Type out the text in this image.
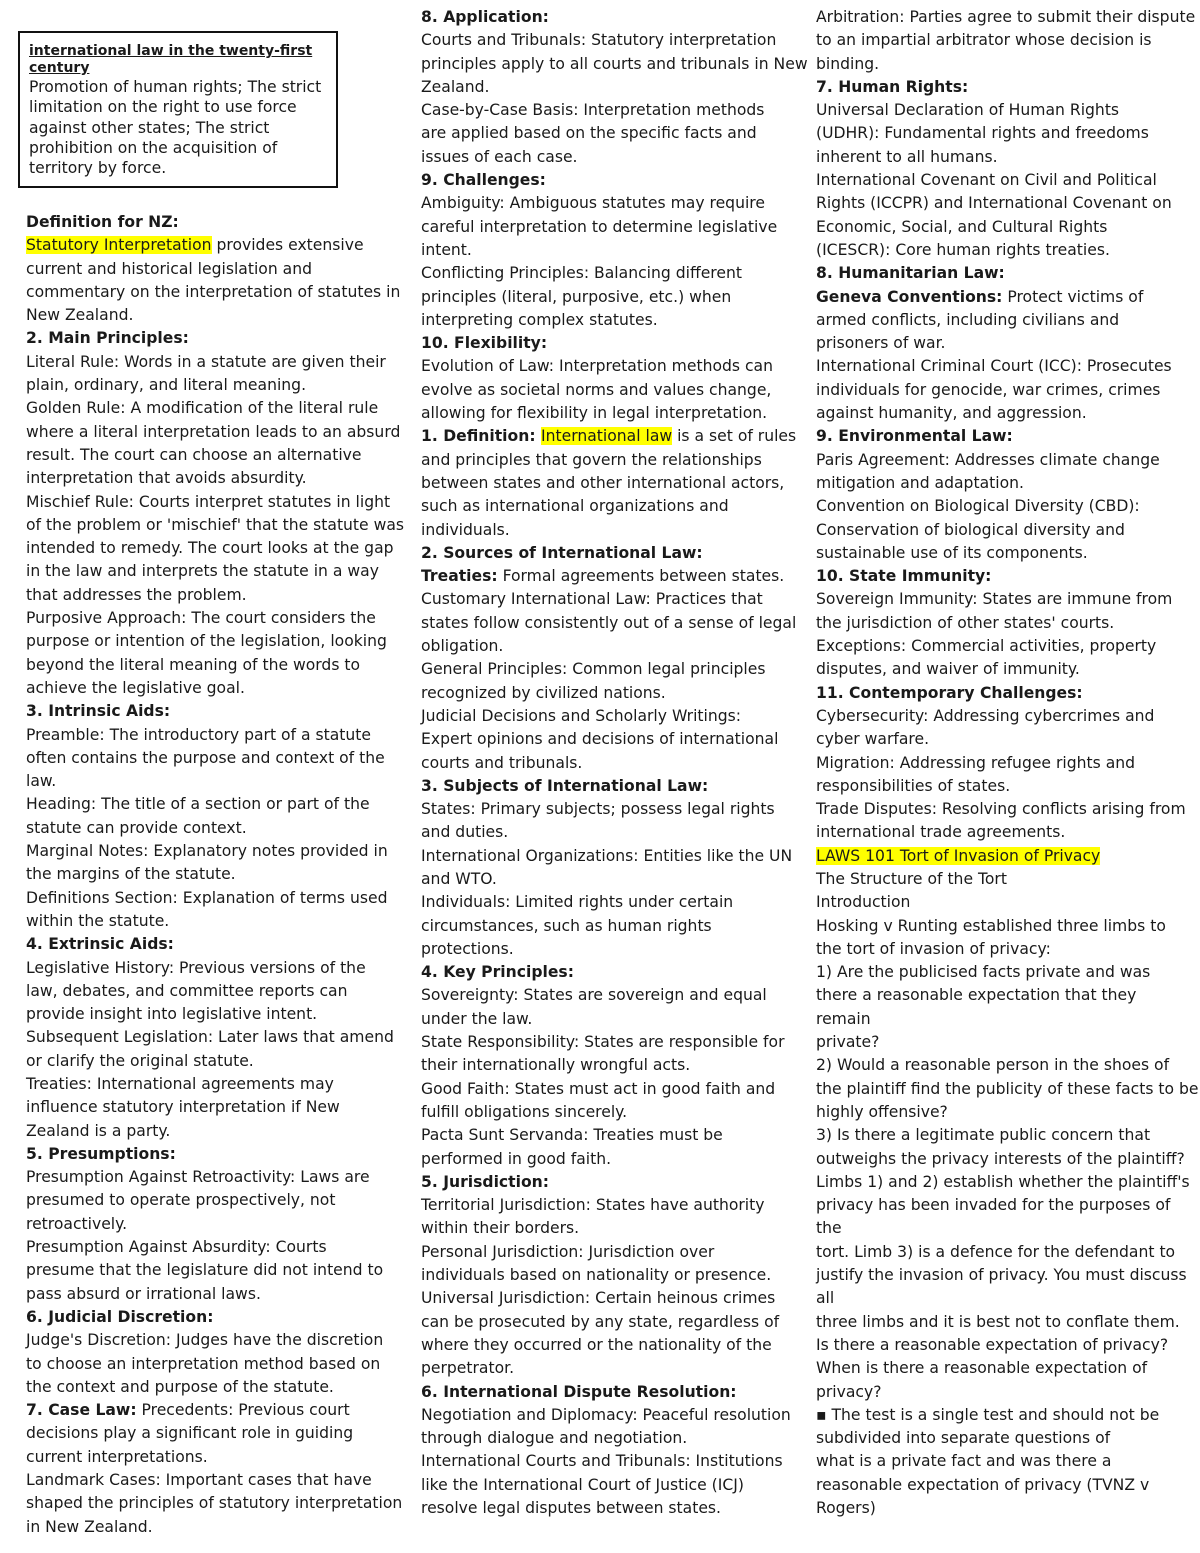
international law in the twenty-first
century
Promotion of human rights; The strict
limitation on the right to use force
against other states; The strict
prohibition on the acquisition of
territory by force.
Definition for NZ:
Statutory Interpretation provides extensive
current and historical legislation and
commentary on the interpretation of statutes in
New Zealand.
2. Main Principles:
Literal Rule: Words in a statute are given their
plain, ordinary, and literal meaning.
Golden Rule: A modification of the literal rule
where a literal interpretation leads to an absurd
result. The court can choose an alternative
interpretation that avoids absurdity.
Mischief Rule: Courts interpret statutes in light
of the problem or 'mischief' that the statute was
intended to remedy. The court looks at the gap
in the law and interprets the statute in a way
that addresses the problem.
Purposive Approach: The court considers the
purpose or intention of the legislation, looking
beyond the literal meaning of the words to
achieve the legislative goal.
3. Intrinsic Aids:
Preamble: The introductory part of a statute
often contains the purpose and context of the
law.
Heading: The title of a section or part of the
statute can provide context.
Marginal Notes: Explanatory notes provided in
the margins of the statute.
Definitions Section: Explanation of terms used
within the statute.
4. Extrinsic Aids:
Legislative History: Previous versions of the
law, debates, and committee reports can
provide insight into legislative intent.
Subsequent Legislation: Later laws that amend
or clarify the original statute.
Treaties: International agreements may
influence statutory interpretation if New
Zealand is a party.
5. Presumptions:
Presumption Against Retroactivity: Laws are
presumed to operate prospectively, not
retroactively.
Presumption Against Absurdity: Courts
presume that the legislature did not intend to
pass absurd or irrational laws.
6. Judicial Discretion:
Judge's Discretion: Judges have the discretion
to choose an interpretation method based on
the context and purpose of the statute.
7. Case Law: Precedents: Previous court
decisions play a significant role in guiding
current interpretations.
Landmark Cases: Important cases that have
shaped the principles of statutory interpretation
in New Zealand.
8. Application:
Courts and Tribunals: Statutory interpretation
principles apply to all courts and tribunals in New
Zealand.
Case-by-Case Basis: Interpretation methods
are applied based on the specific facts and
issues of each case.
9. Challenges:
Ambiguity: Ambiguous statutes may require
careful interpretation to determine legislative
intent.
Conflicting Principles: Balancing different
principles (literal, purposive, etc.) when
interpreting complex statutes.
10. Flexibility:
Evolution of Law: Interpretation methods can
evolve as societal norms and values change,
allowing for flexibility in legal interpretation.
1. Definition: International law is a set of rules
and principles that govern the relationships
between states and other international actors,
such as international organizations and
individuals.
2. Sources of International Law:
Treaties: Formal agreements between states.
Customary International Law: Practices that
states follow consistently out of a sense of legal
obligation.
General Principles: Common legal principles
recognized by civilized nations.
Judicial Decisions and Scholarly Writings:
Expert opinions and decisions of international
courts and tribunals.
3. Subjects of International Law:
States: Primary subjects; possess legal rights
and duties.
International Organizations: Entities like the UN
and WTO.
Individuals: Limited rights under certain
circumstances, such as human rights
protections.
4. Key Principles:
Sovereignty: States are sovereign and equal
under the law.
State Responsibility: States are responsible for
their internationally wrongful acts.
Good Faith: States must act in good faith and
fulfill obligations sincerely.
Pacta Sunt Servanda: Treaties must be
performed in good faith.
5. Jurisdiction:
Territorial Jurisdiction: States have authority
within their borders.
Personal Jurisdiction: Jurisdiction over
individuals based on nationality or presence.
Universal Jurisdiction: Certain heinous crimes
can be prosecuted by any state, regardless of
where they occurred or the nationality of the
perpetrator.
6. International Dispute Resolution:
Negotiation and Diplomacy: Peaceful resolution
through dialogue and negotiation.
International Courts and Tribunals: Institutions
like the International Court of Justice (ICJ)
resolve legal disputes between states.
Arbitration: Parties agree to submit their dispute
to an impartial arbitrator whose decision is
binding.
7. Human Rights:
Universal Declaration of Human Rights
(UDHR): Fundamental rights and freedoms
inherent to all humans.
International Covenant on Civil and Political
Rights (ICCPR) and International Covenant on
Economic, Social, and Cultural Rights
(ICESCR): Core human rights treaties.
8. Humanitarian Law:
Geneva Conventions: Protect victims of
armed conflicts, including civilians and
prisoners of war.
International Criminal Court (ICC): Prosecutes
individuals for genocide, war crimes, crimes
against humanity, and aggression.
9. Environmental Law:
Paris Agreement: Addresses climate change
mitigation and adaptation.
Convention on Biological Diversity (CBD):
Conservation of biological diversity and
sustainable use of its components.
10. State Immunity:
Sovereign Immunity: States are immune from
the jurisdiction of other states' courts.
Exceptions: Commercial activities, property
disputes, and waiver of immunity.
11. Contemporary Challenges:
Cybersecurity: Addressing cybercrimes and
cyber warfare.
Migration: Addressing refugee rights and
responsibilities of states.
Trade Disputes: Resolving conflicts arising from
international trade agreements.
LAWS 101 Tort of Invasion of Privacy
The Structure of the Tort
Introduction
Hosking v Runting established three limbs to
the tort of invasion of privacy:
1) Are the publicised facts private and was
there a reasonable expectation that they
remain
private?
2) Would a reasonable person in the shoes of
the plaintiff find the publicity of these facts to be
highly offensive?
3) Is there a legitimate public concern that
outweighs the privacy interests of the plaintiff?
Limbs 1) and 2) establish whether the plaintiff's
privacy has been invaded for the purposes of
the
tort. Limb 3) is a defence for the defendant to
justify the invasion of privacy. You must discuss
all
three limbs and it is best not to conflate them.
Is there a reasonable expectation of privacy?
When is there a reasonable expectation of
privacy?
▪ The test is a single test and should not be
subdivided into separate questions of
what is a private fact and was there a
reasonable expectation of privacy (TVNZ v
Rogers)
